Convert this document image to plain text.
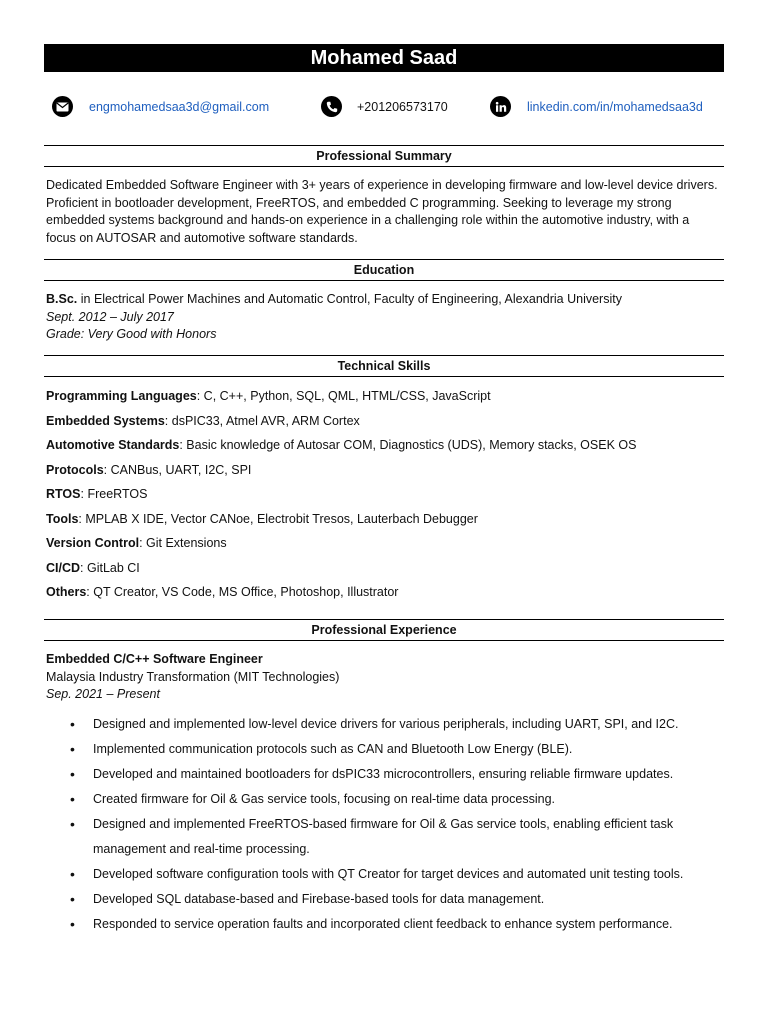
Mohamed Saad
engmohamedsaa3d@gmail.com	+201206573170	linkedin.com/in/mohamedsaa3d
Professional Summary
Dedicated Embedded Software Engineer with 3+ years of experience in developing firmware and low-level device drivers. Proficient in bootloader development, FreeRTOS, and embedded C programming. Seeking to leverage my strong embedded systems background and hands-on experience in a challenging role within the automotive industry, with a focus on AUTOSAR and automotive software standards.
Education
B.Sc. in Electrical Power Machines and Automatic Control, Faculty of Engineering, Alexandria University
Sept. 2012 – July 2017
Grade: Very Good with Honors
Technical Skills
Programming Languages: C, C++, Python, SQL, QML, HTML/CSS, JavaScript
Embedded Systems: dsPIC33, Atmel AVR, ARM Cortex
Automotive Standards: Basic knowledge of Autosar COM, Diagnostics (UDS), Memory stacks, OSEK OS
Protocols: CANBus, UART, I2C, SPI
RTOS: FreeRTOS
Tools: MPLAB X IDE, Vector CANoe, Electrobit Tresos, Lauterbach Debugger
Version Control: Git Extensions
CI/CD: GitLab CI
Others: QT Creator, VS Code, MS Office, Photoshop, Illustrator
Professional Experience
Embedded C/C++ Software Engineer
Malaysia Industry Transformation (MIT Technologies)
Sep. 2021 – Present
• Designed and implemented low-level device drivers for various peripherals, including UART, SPI, and I2C.
• Implemented communication protocols such as CAN and Bluetooth Low Energy (BLE).
• Developed and maintained bootloaders for dsPIC33 microcontrollers, ensuring reliable firmware updates.
• Created firmware for Oil & Gas service tools, focusing on real-time data processing.
• Designed and implemented FreeRTOS-based firmware for Oil & Gas service tools, enabling efficient task management and real-time processing.
• Developed software configuration tools with QT Creator for target devices and automated unit testing tools.
• Developed SQL database-based and Firebase-based tools for data management.
• Responded to service operation faults and incorporated client feedback to enhance system performance.
